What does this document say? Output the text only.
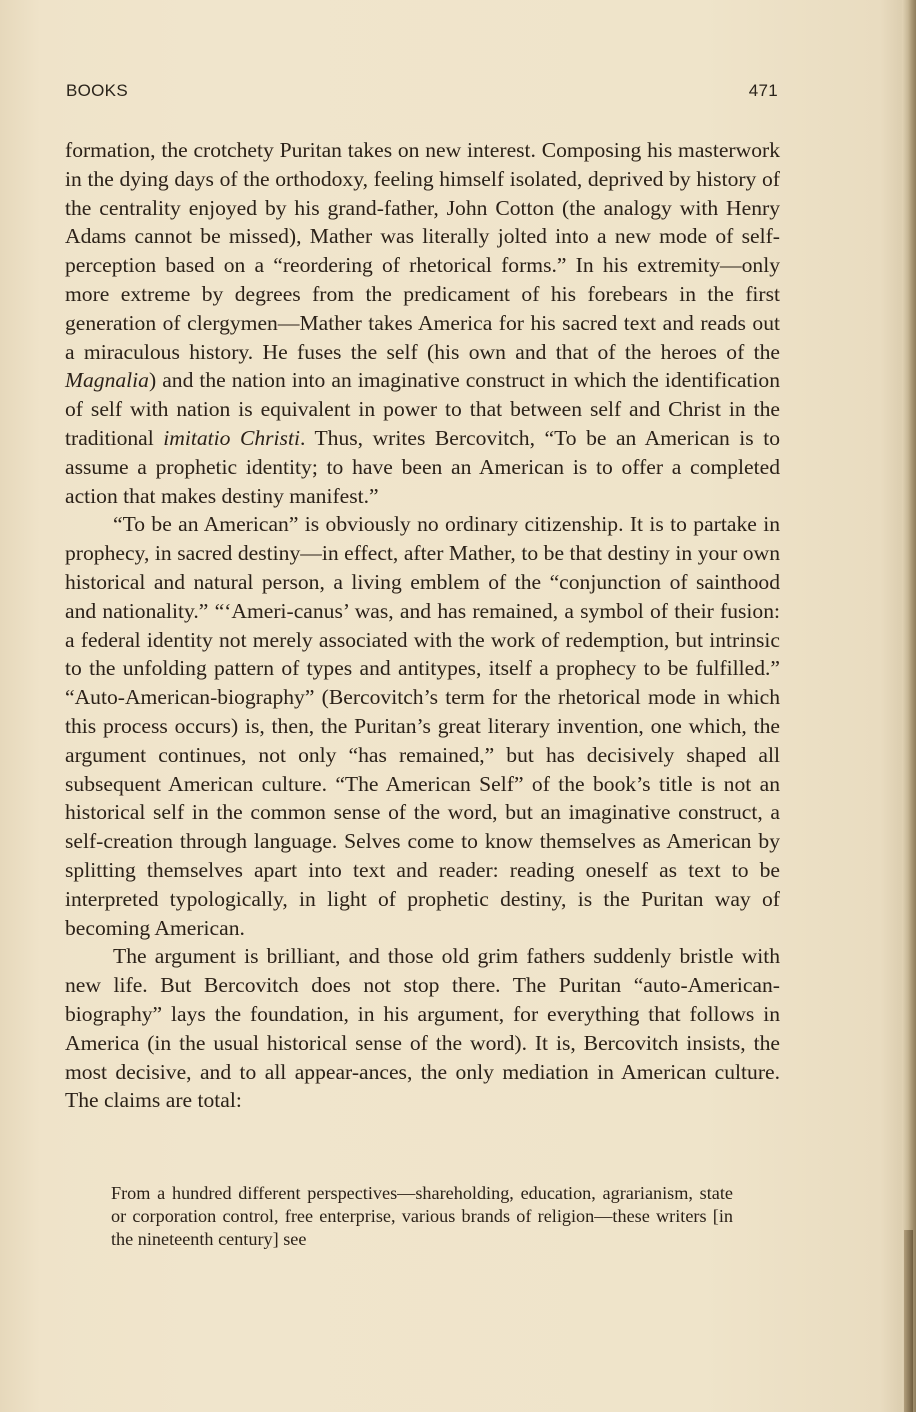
BOOKS	471

formation, the crotchety Puritan takes on new interest. Composing his masterwork in the dying days of the orthodoxy, feeling himself isolated, deprived by history of the centrality enjoyed by his grand-father, John Cotton (the analogy with Henry Adams cannot be missed), Mather was literally jolted into a new mode of self-perception based on a “reordering of rhetorical forms.” In his extremity—only more extreme by degrees from the predicament of his forebears in the first generation of clergymen—Mather takes America for his sacred text and reads out a miraculous history. He fuses the self (his own and that of the heroes of the Magnalia) and the nation into an imaginative construct in which the identification of self with nation is equivalent in power to that between self and Christ in the traditional imitatio Christi. Thus, writes Bercovitch, “To be an American is to assume a prophetic identity; to have been an American is to offer a completed action that makes destiny manifest.”

“To be an American” is obviously no ordinary citizenship. It is to partake in prophecy, in sacred destiny—in effect, after Mather, to be that destiny in your own historical and natural person, a living emblem of the “conjunction of sainthood and nationality.” “‘Ameri-canus’ was, and has remained, a symbol of their fusion: a federal identity not merely associated with the work of redemption, but intrinsic to the unfolding pattern of types and antitypes, itself a prophecy to be fulfilled.” “Auto-American-biography” (Bercovitch’s term for the rhetorical mode in which this process occurs) is, then, the Puritan’s great literary invention, one which, the argument continues, not only “has remained,” but has decisively shaped all subsequent American culture. “The American Self” of the book’s title is not an historical self in the common sense of the word, but an imaginative construct, a self-creation through language. Selves come to know themselves as American by splitting themselves apart into text and reader: reading oneself as text to be interpreted typologically, in light of prophetic destiny, is the Puritan way of becoming American.

The argument is brilliant, and those old grim fathers suddenly bristle with new life. But Bercovitch does not stop there. The Puritan “auto-American-biography” lays the foundation, in his argument, for everything that follows in America (in the usual historical sense of the word). It is, Bercovitch insists, the most decisive, and to all appear-ances, the only mediation in American culture. The claims are total:

From a hundred different perspectives—shareholding, education, agrarianism, state or corporation control, free enterprise, various brands of religion—these writers [in the nineteenth century] see
